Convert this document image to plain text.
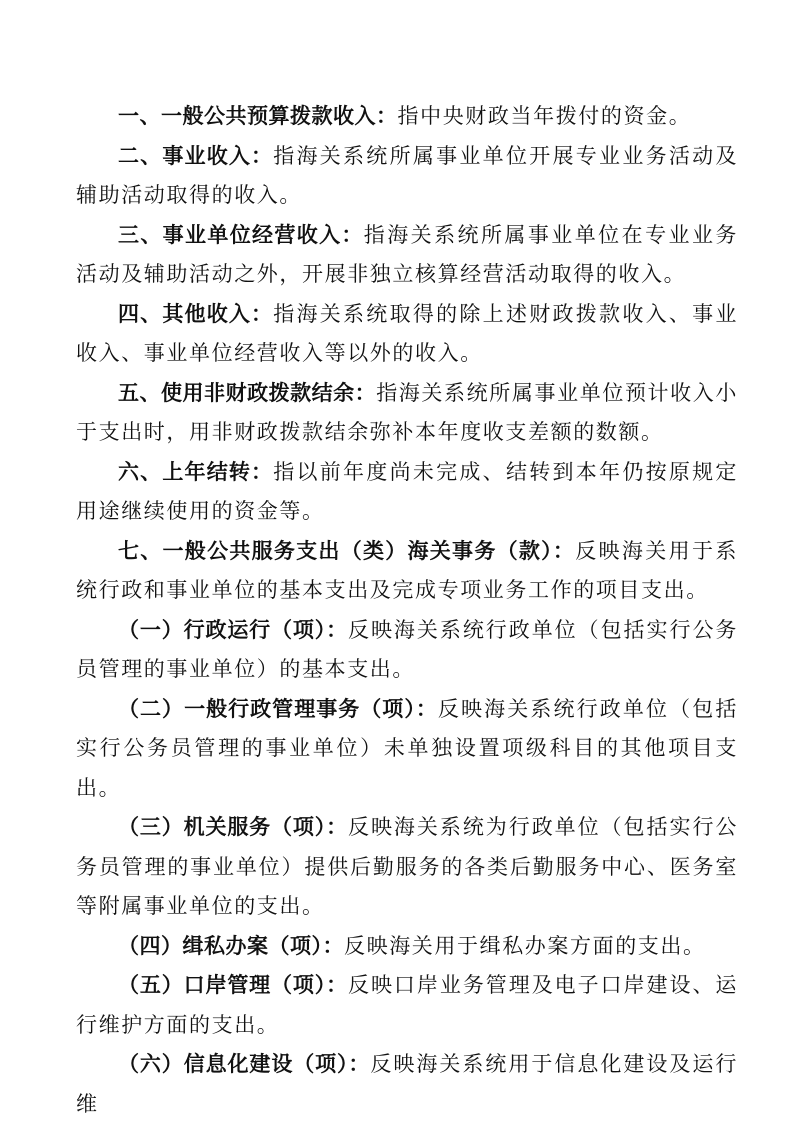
一、一般公共预算拨款收入：指中央财政当年拨付的资金。

二、事业收入：指海关系统所属事业单位开展专业业务活动及辅助活动取得的收入。

三、事业单位经营收入：指海关系统所属事业单位在专业业务活动及辅助活动之外，开展非独立核算经营活动取得的收入。

四、其他收入：指海关系统取得的除上述财政拨款收入、事业收入、事业单位经营收入等以外的收入。

五、使用非财政拨款结余：指海关系统所属事业单位预计收入小于支出时，用非财政拨款结余弥补本年度收支差额的数额。

六、上年结转：指以前年度尚未完成、结转到本年仍按原规定用途继续使用的资金等。

七、一般公共服务支出（类）海关事务（款）：反映海关用于系统行政和事业单位的基本支出及完成专项业务工作的项目支出。

（一）行政运行（项）：反映海关系统行政单位（包括实行公务员管理的事业单位）的基本支出。

（二）一般行政管理事务（项）：反映海关系统行政单位（包括实行公务员管理的事业单位）未单独设置项级科目的其他项目支出。

（三）机关服务（项）：反映海关系统为行政单位（包括实行公务员管理的事业单位）提供后勤服务的各类后勤服务中心、医务室等附属事业单位的支出。

（四）缉私办案（项）：反映海关用于缉私办案方面的支出。

（五）口岸管理（项）：反映口岸业务管理及电子口岸建设、运行维护方面的支出。

（六）信息化建设（项）：反映海关系统用于信息化建设及运行维
